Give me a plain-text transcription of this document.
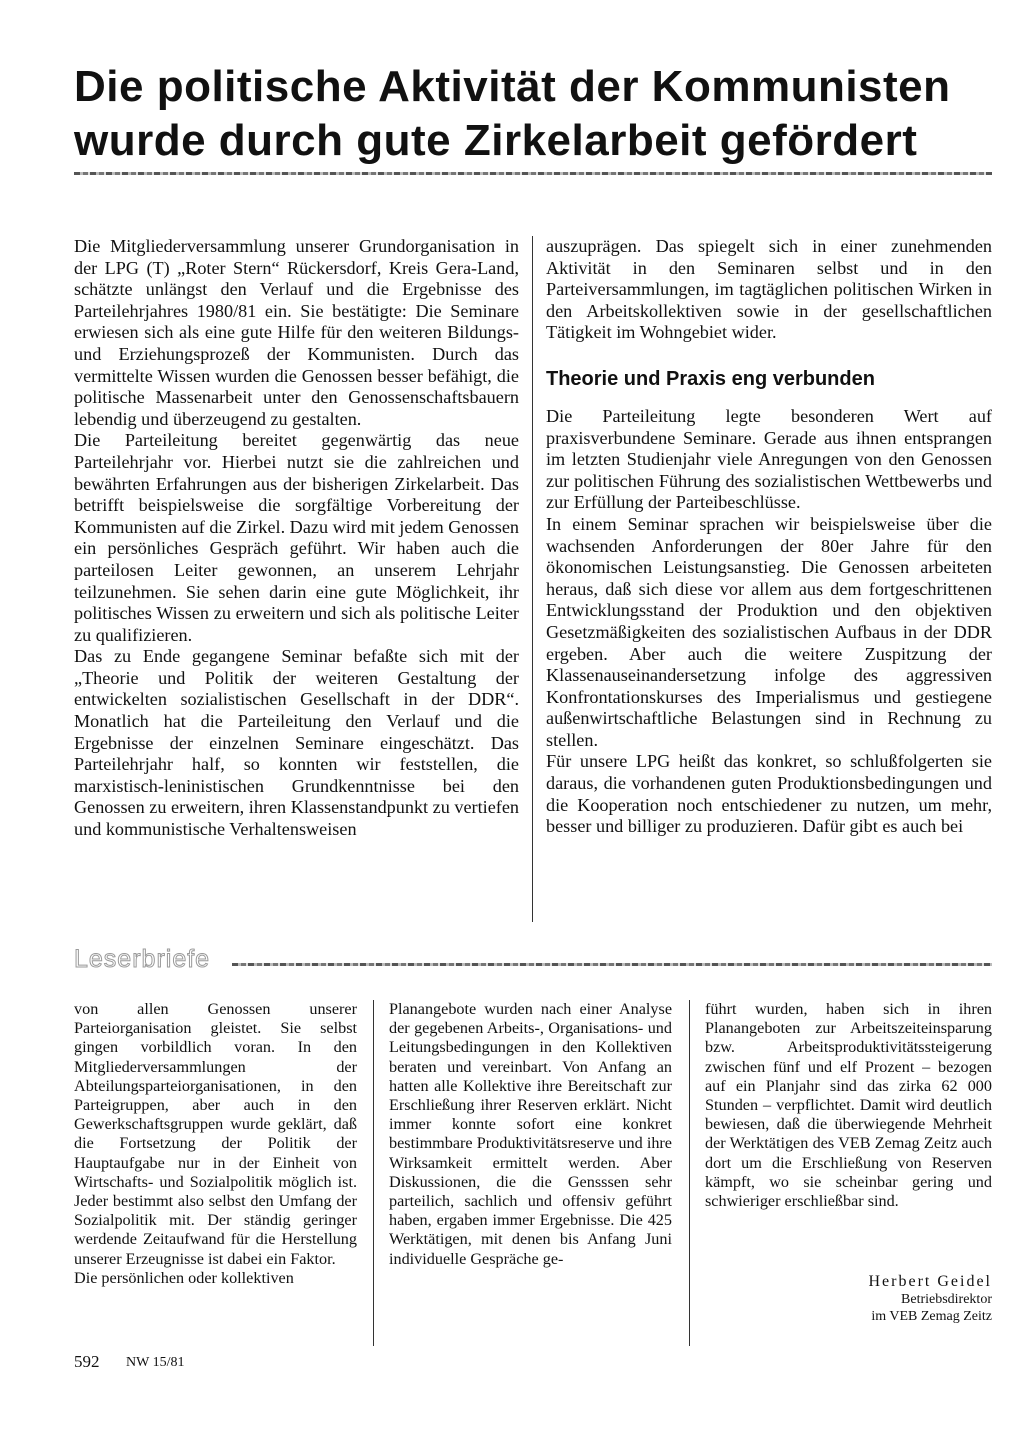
Die politische Aktivität der Kommunisten
wurde durch gute Zirkelarbeit gefördert

Die Mitgliederversammlung unserer Grundorganisation in der LPG (T) „Roter Stern“ Rückersdorf, Kreis Gera-Land, schätzte unlängst den Verlauf und die Ergebnisse des Parteilehrjahres 1980/81 ein. Sie bestätigte: Die Seminare erwiesen sich als eine gute Hilfe für den weiteren Bildungs- und Erziehungsprozeß der Kommunisten. Durch das vermittelte Wissen wurden die Genossen besser befähigt, die politische Massenarbeit unter den Genossenschaftsbauern lebendig und überzeugend zu gestalten.

Die Parteileitung bereitet gegenwärtig das neue Parteilehrjahr vor. Hierbei nutzt sie die zahlreichen und bewährten Erfahrungen aus der bisherigen Zirkelarbeit. Das betrifft beispielsweise die sorgfältige Vorbereitung der Kommunisten auf die Zirkel. Dazu wird mit jedem Genossen ein persönliches Gespräch geführt. Wir haben auch die parteilosen Leiter gewonnen, an unserem Lehrjahr teilzunehmen. Sie sehen darin eine gute Möglichkeit, ihr politisches Wissen zu erweitern und sich als politische Leiter zu qualifizieren.

Das zu Ende gegangene Seminar befaßte sich mit der „Theorie und Politik der weiteren Gestaltung der entwickelten sozialistischen Gesellschaft in der DDR“. Monatlich hat die Parteileitung den Verlauf und die Ergebnisse der einzelnen Seminare eingeschätzt. Das Parteilehrjahr half, so konnten wir feststellen, die marxistisch-leninistischen Grundkenntnisse bei den Genossen zu erweitern, ihren Klassenstandpunkt zu vertiefen und kommunistische Verhaltensweisen

auszuprägen. Das spiegelt sich in einer zunehmenden Aktivität in den Seminaren selbst und in den Parteiversammlungen, im tagtäglichen politischen Wirken in den Arbeitskollektiven sowie in der gesellschaftlichen Tätigkeit im Wohngebiet wider.

Theorie und Praxis eng verbunden

Die Parteileitung legte besonderen Wert auf praxisverbundene Seminare. Gerade aus ihnen entsprangen im letzten Studienjahr viele Anregungen von den Genossen zur politischen Führung des sozialistischen Wettbewerbs und zur Erfüllung der Parteibeschlüsse.

In einem Seminar sprachen wir beispielsweise über die wachsenden Anforderungen der 80er Jahre für den ökonomischen Leistungsanstieg. Die Genossen arbeiteten heraus, daß sich diese vor allem aus dem fortgeschrittenen Entwicklungsstand der Produktion und den objektiven Gesetzmäßigkeiten des sozialistischen Aufbaus in der DDR ergeben. Aber auch die weitere Zuspitzung der Klassenauseinandersetzung infolge des aggressiven Konfrontationskurses des Imperialismus und gestiegene außenwirtschaftliche Belastungen sind in Rechnung zu stellen.

Für unsere LPG heißt das konkret, so schlußfolgerten sie daraus, die vorhandenen guten Produktionsbedingungen und die Kooperation noch entschiedener zu nutzen, um mehr, besser und billiger zu produzieren. Dafür gibt es auch bei

Leserbriefe

von allen Genossen unserer Parteiorganisation gleistet. Sie selbst gingen vorbildlich voran. In den Mitgliederversammlungen der Abteilungsparteiorganisationen, in den Parteigruppen, aber auch in den Gewerkschaftsgruppen wurde geklärt, daß die Fortsetzung der Politik der Hauptaufgabe nur in der Einheit von Wirtschafts- und Sozialpolitik möglich ist. Jeder bestimmt also selbst den Umfang der Sozialpolitik mit. Der ständig geringer werdende Zeitaufwand für die Herstellung unserer Erzeugnisse ist dabei ein Faktor.

Die persönlichen oder kollektiven

Planangebote wurden nach einer Analyse der gegebenen Arbeits-, Organisations- und Leitungsbedingungen in den Kollektiven beraten und vereinbart. Von Anfang an hatten alle Kollektive ihre Bereitschaft zur Erschließung ihrer Reserven erklärt. Nicht immer konnte sofort eine konkret bestimmbare Produktivitätsreserve und ihre Wirksamkeit ermittelt werden. Aber Diskussionen, die die Gensssen sehr parteilich, sachlich und offensiv geführt haben, ergaben immer Ergebnisse. Die 425 Werktätigen, mit denen bis Anfang Juni individuelle Gespräche ge-

führt wurden, haben sich in ihren Planangeboten zur Arbeitszeiteinsparung bzw. Arbeitsproduktivitätssteigerung zwischen fünf und elf Prozent – bezogen auf ein Planjahr sind das zirka 62 000 Stunden – verpflichtet. Damit wird deutlich bewiesen, daß die überwiegende Mehrheit der Werktätigen des VEB Zemag Zeitz auch dort um die Erschließung von Reserven kämpft, wo sie scheinbar gering und schwieriger erschließbar sind.

Herbert Geidel
Betriebsdirektor
im VEB Zemag Zeitz
592 NW 15/81
